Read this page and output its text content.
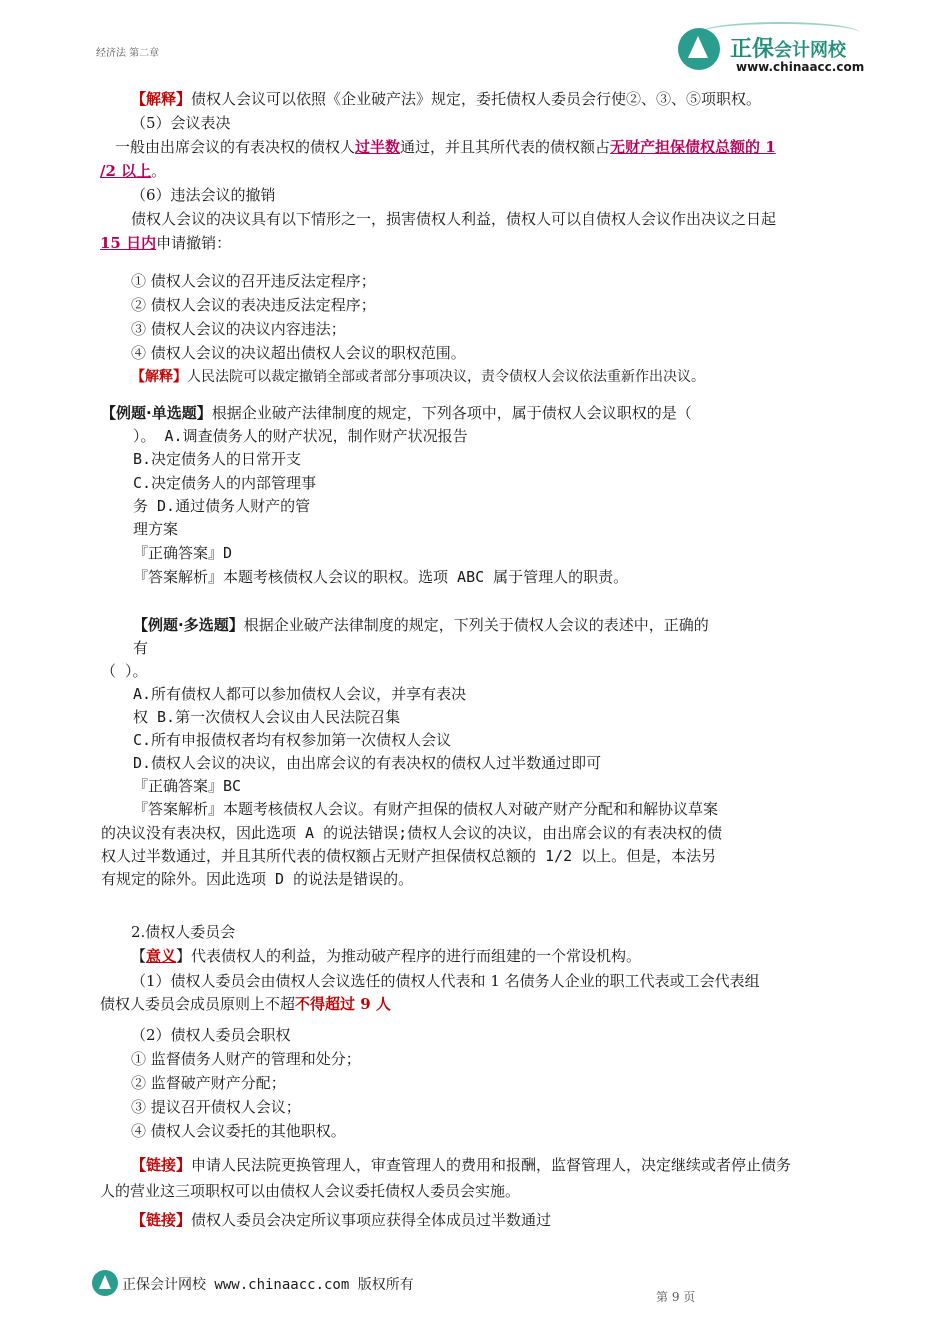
经济法 第二章	正保会计网校
www.chinaacc.com
【解释】债权人会议可以依照《企业破产法》规定，委托债权人委员会行使②、③、⑤项职权。
（5）会议表决
一般由出席会议的有表决权的债权人过半数通过，并且其所代表的债权额占无财产担保债权总额的 1
/2 以上。
（6）违法会议的撤销
债权人会议的决议具有以下情形之一，损害债权人利益，债权人可以自债权人会议作出决议之日起
15 日内申请撤销：
① 债权人会议的召开违反法定程序；
② 债权人会议的表决违反法定程序；
③ 债权人会议的决议内容违法；
④ 债权人会议的决议超出债权人会议的职权范围。
【解释】人民法院可以裁定撤销全部或者部分事项决议，责令债权人会议依法重新作出决议。
【例题·单选题】根据企业破产法律制度的规定，下列各项中，属于债权人会议职权的是（
）。 A.调查债务人的财产状况，制作财产状况报告
B.决定债务人的日常开支
C.决定债务人的内部管理事
务 D.通过债务人财产的管
理方案
『正确答案』D
『答案解析』本题考核债权人会议的职权。选项 ABC 属于管理人的职责。
【例题·多选题】根据企业破产法律制度的规定，下列关于债权人会议的表述中，正确的
有
（ ）。
A.所有债权人都可以参加债权人会议，并享有表决
权 B.第一次债权人会议由人民法院召集
C.所有申报债权者均有权参加第一次债权人会议
D.债权人会议的决议，由出席会议的有表决权的债权人过半数通过即可
『正确答案』BC
『答案解析』本题考核债权人会议。有财产担保的债权人对破产财产分配和和解协议草案
的决议没有表决权，因此选项 A 的说法错误;债权人会议的决议，由出席会议的有表决权的债
权人过半数通过，并且其所代表的债权额占无财产担保债权总额的 1/2 以上。但是，本法另
有规定的除外。因此选项 D 的说法是错误的。
2.债权人委员会
【意义】代表债权人的利益，为推动破产程序的进行而组建的一个常设机构。
（1）债权人委员会由债权人会议选任的债权人代表和 1 名债务人企业的职工代表或工会代表组
债权人委员会成员原则上不超不得超过 9 人
（2）债权人委员会职权
① 监督债务人财产的管理和处分；
② 监督破产财产分配；
③ 提议召开债权人会议；
④ 债权人会议委托的其他职权。
【链接】申请人民法院更换管理人，审查管理人的费用和报酬，监督管理人，决定继续或者停止债务
人的营业这三项职权可以由债权人会议委托债权人委员会实施。
【链接】债权人委员会决定所议事项应获得全体成员过半数通过
正保会计网校 www.chinaacc.com 版权所有
第 9 页
